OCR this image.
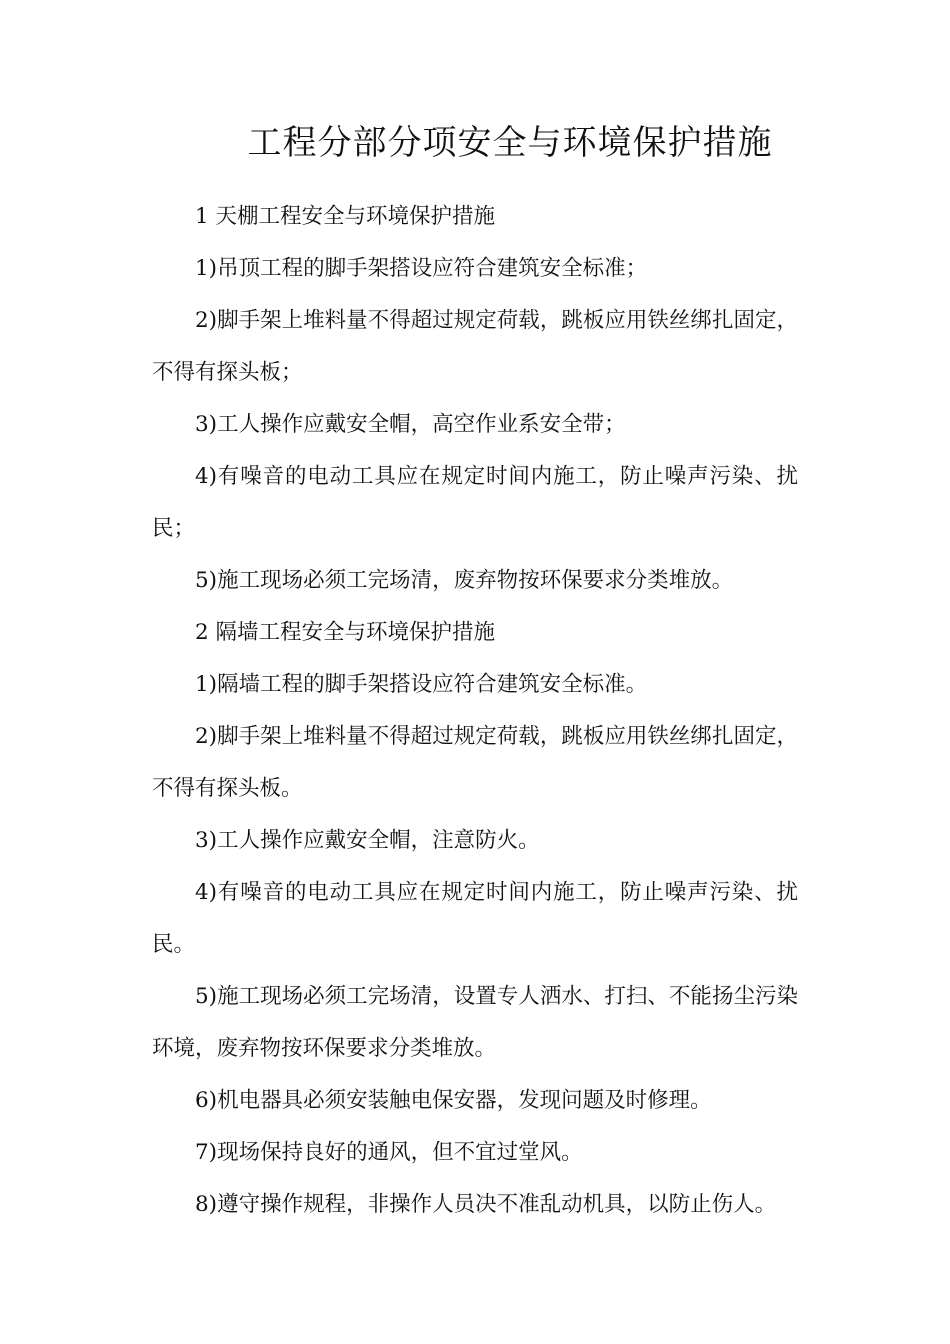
工程分部分项安全与环境保护措施

1 天棚工程安全与环境保护措施

1)吊顶工程的脚手架搭设应符合建筑安全标准；

2)脚手架上堆料量不得超过规定荷载，跳板应用铁丝绑扎固定，不得有探头板；

3)工人操作应戴安全帽，高空作业系安全带；

4)有噪音的电动工具应在规定时间内施工，防止噪声污染、扰民；

5)施工现场必须工完场清，废弃物按环保要求分类堆放。

2 隔墙工程安全与环境保护措施

1)隔墙工程的脚手架搭设应符合建筑安全标准。

2)脚手架上堆料量不得超过规定荷载，跳板应用铁丝绑扎固定，不得有探头板。

3)工人操作应戴安全帽，注意防火。

4)有噪音的电动工具应在规定时间内施工，防止噪声污染、扰民。

5)施工现场必须工完场清，设置专人洒水、打扫、不能扬尘污染环境，废弃物按环保要求分类堆放。

6)机电器具必须安装触电保安器，发现问题及时修理。

7)现场保持良好的通风，但不宜过堂风。

8)遵守操作规程，非操作人员决不准乱动机具，以防止伤人。
